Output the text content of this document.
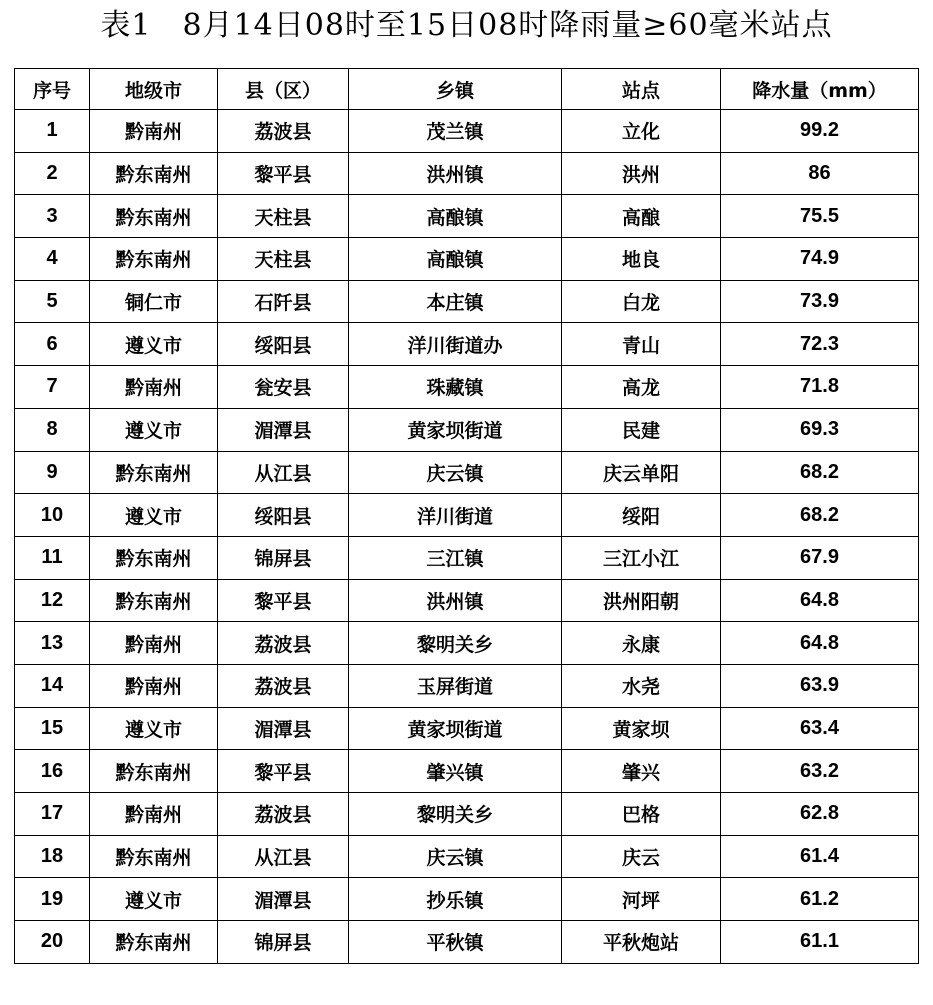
表1　8月14日08时至15日08时降雨量≥60毫米站点
序号	地级市	县（区）	乡镇	站点	降水量（mm）
1	黔南州	荔波县	茂兰镇	立化	99.2
2	黔东南州	黎平县	洪州镇	洪州	86
3	黔东南州	天柱县	高酿镇	高酿	75.5
4	黔东南州	天柱县	高酿镇	地良	74.9
5	铜仁市	石阡县	本庄镇	白龙	73.9
6	遵义市	绥阳县	洋川街道办	青山	72.3
7	黔南州	瓮安县	珠藏镇	高龙	71.8
8	遵义市	湄潭县	黄家坝街道	民建	69.3
9	黔东南州	从江县	庆云镇	庆云单阳	68.2
10	遵义市	绥阳县	洋川街道	绥阳	68.2
11	黔东南州	锦屏县	三江镇	三江小江	67.9
12	黔东南州	黎平县	洪州镇	洪州阳朝	64.8
13	黔南州	荔波县	黎明关乡	永康	64.8
14	黔南州	荔波县	玉屏街道	水尧	63.9
15	遵义市	湄潭县	黄家坝街道	黄家坝	63.4
16	黔东南州	黎平县	肇兴镇	肇兴	63.2
17	黔南州	荔波县	黎明关乡	巴格	62.8
18	黔东南州	从江县	庆云镇	庆云	61.4
19	遵义市	湄潭县	抄乐镇	河坪	61.2
20	黔东南州	锦屏县	平秋镇	平秋炮站	61.1
